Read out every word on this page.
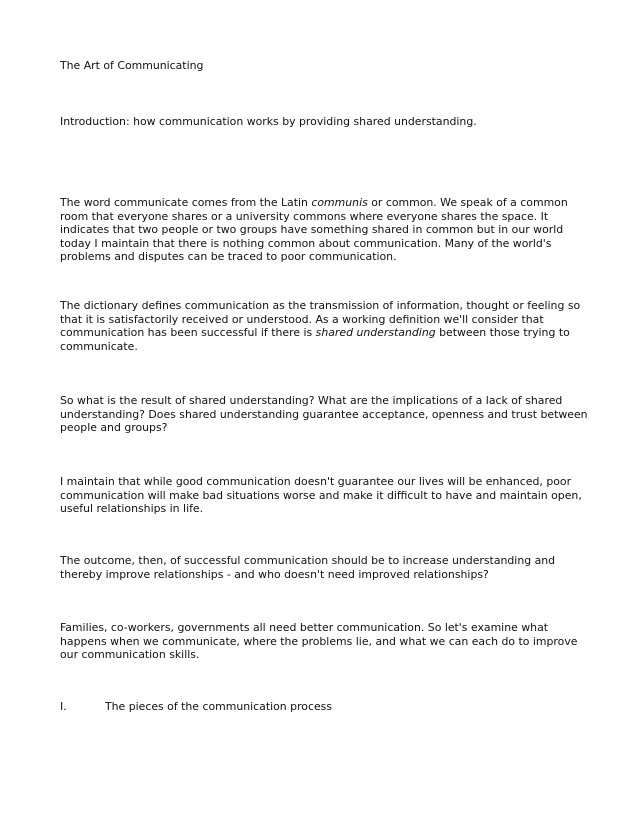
The Art of Communicating

Introduction: how communication works by providing shared understanding.

The word communicate comes from the Latin communis or common. We speak of a common room that everyone shares or a university commons where everyone shares the space. It indicates that two people or two groups have something shared in common but in our world today I maintain that there is nothing common about communication. Many of the world's problems and disputes can be traced to poor communication.

The dictionary defines communication as the transmission of information, thought or feeling so that it is satisfactorily received or understood. As a working definition we'll consider that communication has been successful if there is shared understanding between those trying to communicate.

So what is the result of shared understanding? What are the implications of a lack of shared understanding? Does shared understanding guarantee acceptance, openness and trust between people and groups?

I maintain that while good communication doesn't guarantee our lives will be enhanced, poor communication will make bad situations worse and make it difficult to have and maintain open, useful relationships in life.

The outcome, then, of successful communication should be to increase understanding and thereby improve relationships - and who doesn't need improved relationships?

Families, co-workers, governments all need better communication. So let's examine what happens when we communicate, where the problems lie, and what we can each do to improve our communication skills.

I.	The pieces of the communication process
